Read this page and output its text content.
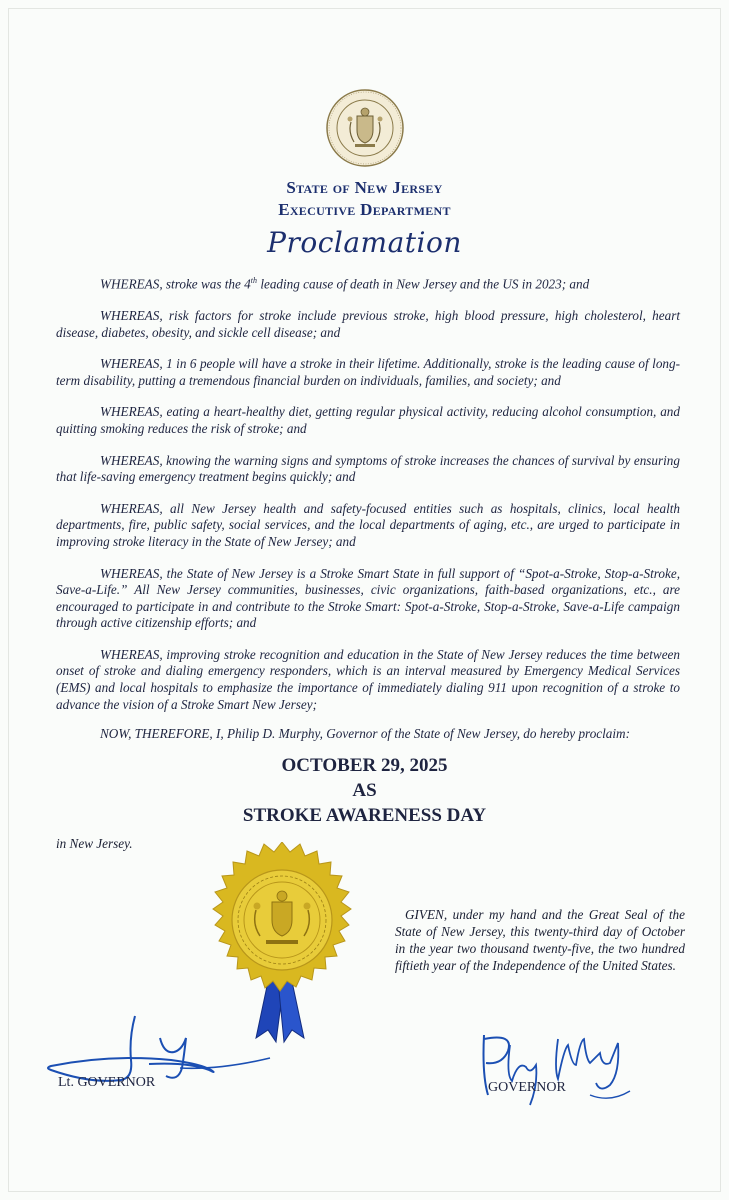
State of New Jersey
Executive Department
Proclamation

WHEREAS, stroke was the 4th leading cause of death in New Jersey and the US in 2023; and

WHEREAS, risk factors for stroke include previous stroke, high blood pressure, high cholesterol, heart disease, diabetes, obesity, and sickle cell disease; and

WHEREAS, 1 in 6 people will have a stroke in their lifetime. Additionally, stroke is the leading cause of long-term disability, putting a tremendous financial burden on individuals, families, and society; and

WHEREAS, eating a heart-healthy diet, getting regular physical activity, reducing alcohol consumption, and quitting smoking reduces the risk of stroke; and

WHEREAS, knowing the warning signs and symptoms of stroke increases the chances of survival by ensuring that life-saving emergency treatment begins quickly; and

WHEREAS, all New Jersey health and safety-focused entities such as hospitals, clinics, local health departments, fire, public safety, social services, and the local departments of aging, etc., are urged to participate in improving stroke literacy in the State of New Jersey; and

WHEREAS, the State of New Jersey is a Stroke Smart State in full support of “Spot-a-Stroke, Stop-a-Stroke, Save-a-Life.” All New Jersey communities, businesses, civic organizations, faith-based organizations, etc., are encouraged to participate in and contribute to the Stroke Smart: Spot-a-Stroke, Stop-a-Stroke, Save-a-Life campaign through active citizenship efforts; and

WHEREAS, improving stroke recognition and education in the State of New Jersey reduces the time between onset of stroke and dialing emergency responders, which is an interval measured by Emergency Medical Services (EMS) and local hospitals to emphasize the importance of immediately dialing 911 upon recognition of a stroke to advance the vision of a Stroke Smart New Jersey;

NOW, THEREFORE, I, Philip D. Murphy, Governor of the State of New Jersey, do hereby proclaim:

OCTOBER 29, 2025
AS
STROKE AWARENESS DAY
in New Jersey.
GIVEN, under my hand and the Great Seal of the State of New Jersey, this twenty-third day of October in the year two thousand twenty-five, the two hundred fiftieth year of the Independence of the United States.
Lt. GOVERNOR	GOVERNOR
